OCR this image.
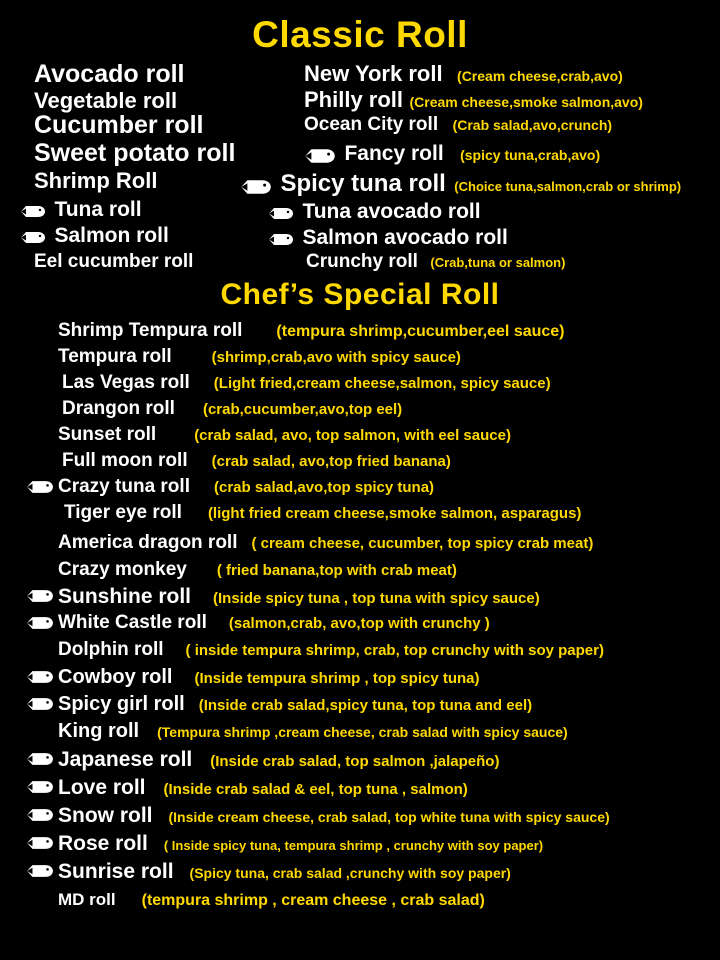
Classic Roll
Avocado roll
Vegetable roll
Cucumber roll
Sweet potato roll
Shrimp Roll
Tuna roll
Salmon roll
Eel cucumber roll
New York roll (Cream cheese,crab,avo)
Philly roll (Cream cheese,smoke salmon,avo)
Ocean City roll (Crab salad,avo,crunch)
Fancy roll (spicy tuna,crab,avo)
Spicy tuna roll (Choice tuna,salmon,crab or shrimp)
Tuna avocado roll
Salmon avocado roll
Crunchy roll (Crab,tuna or salmon)
Chef’s Special Roll
Shrimp Tempura roll (tempura shrimp,cucumber,eel sauce)
Tempura roll	(shrimp,crab,avo with spicy sauce)
Las Vegas roll (Light fried,cream cheese,salmon, spicy sauce)
Drangon roll (crab,cucumber,avo,top eel)
Sunset roll	(crab salad, avo, top salmon, with eel sauce)
Full moon roll (crab salad, avo,top fried banana)
Crazy tuna roll (crab salad,avo,top spicy tuna)
Tiger eye roll (light fried cream cheese,smoke salmon, asparagus)
America dragon roll ( cream cheese, cucumber, top spicy crab meat)
Crazy monkey ( fried banana,top with crab meat)
Sunshine roll (Inside spicy tuna , top tuna with spicy sauce)
White Castle roll (salmon,crab, avo,top with crunchy )
Dolphin roll ( inside tempura shrimp, crab, top crunchy with soy paper)
Cowboy roll (Inside tempura shrimp , top spicy tuna)
Spicy girl roll (Inside crab salad,spicy tuna, top tuna and eel)
King roll (Tempura shrimp ,cream cheese, crab salad with spicy sauce)
Japanese roll (Inside crab salad, top salmon ,jalapeño)
Love roll (Inside crab salad & eel, top tuna , salmon)
Snow roll (Inside cream cheese, crab salad, top white tuna with spicy sauce)
Rose roll ( Inside spicy tuna, tempura shrimp , crunchy with soy paper)
Sunrise roll (Spicy tuna, crab salad ,crunchy with soy paper)
MD roll (tempura shrimp , cream cheese , crab salad)
